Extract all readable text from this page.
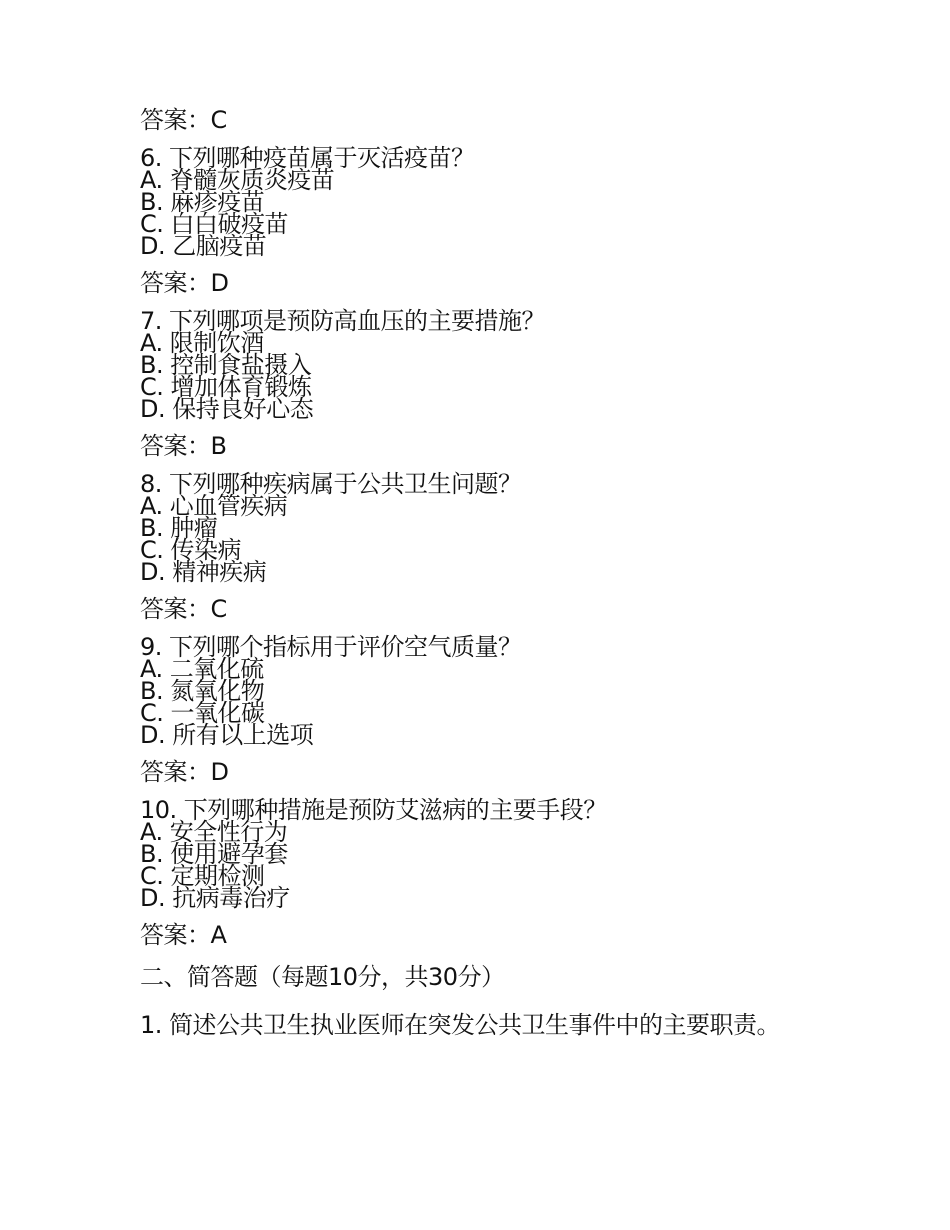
答案：C
6. 下列哪种疫苗属于灭活疫苗？
A. 脊髓灰质炎疫苗
B. 麻疹疫苗
C. 白白破疫苗
D. 乙脑疫苗
答案：D
7. 下列哪项是预防高血压的主要措施？
A. 限制饮酒
B. 控制食盐摄入
C. 增加体育锻炼
D. 保持良好心态
答案：B
8. 下列哪种疾病属于公共卫生问题？
A. 心血管疾病
B. 肿瘤
C. 传染病
D. 精神疾病
答案：C
9. 下列哪个指标用于评价空气质量？
A. 二氧化硫
B. 氮氧化物
C. 一氧化碳
D. 所有以上选项
答案：D
10. 下列哪种措施是预防艾滋病的主要手段？
A. 安全性行为
B. 使用避孕套
C. 定期检测
D. 抗病毒治疗
答案：A
二、简答题（每题10分，共30分）
1. 简述公共卫生执业医师在突发公共卫生事件中的主要职责。
